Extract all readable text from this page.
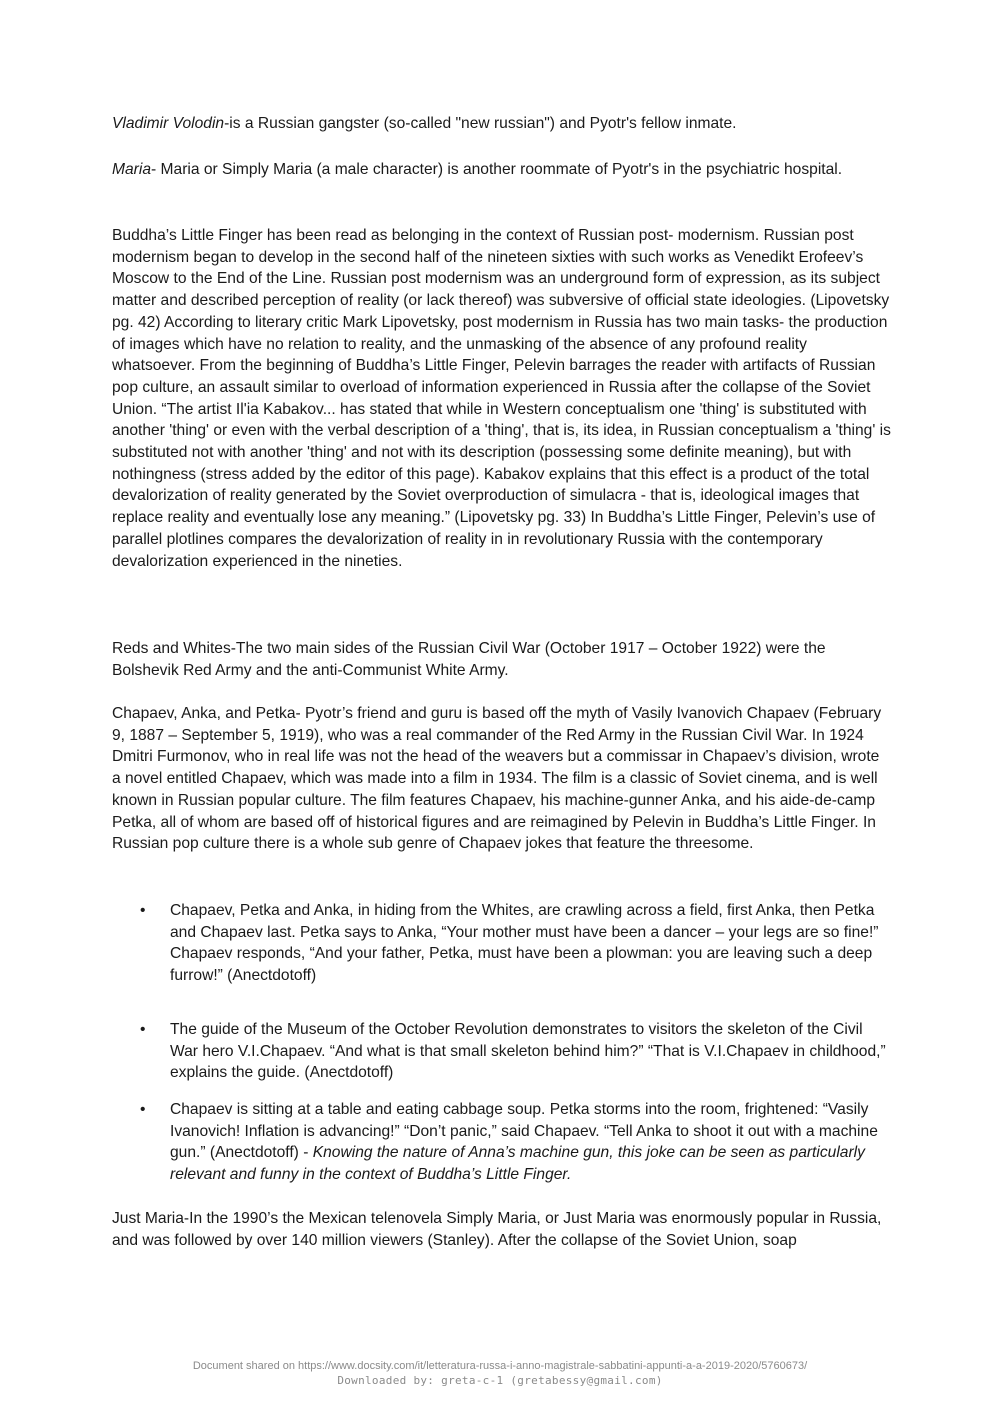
Vladimir Volodin-is a Russian gangster (so-called "new russian") and Pyotr's fellow inmate.

Maria- Maria or Simply Maria (a male character) is another roommate of Pyotr's in the psychiatric hospital.

Buddha’s Little Finger has been read as belonging in the context of Russian post- modernism. Russian post modernism began to develop in the second half of the nineteen sixties with such works as Venedikt Erofeev’s Moscow to the End of the Line. Russian post modernism was an underground form of expression, as its subject matter and described perception of reality (or lack thereof) was subversive of official state ideologies. (Lipovetsky pg. 42) According to literary critic Mark Lipovetsky, post modernism in Russia has two main tasks- the production of images which have no relation to reality, and the unmasking of the absence of any profound reality whatsoever. From the beginning of Buddha’s Little Finger, Pelevin barrages the reader with artifacts of Russian pop culture, an assault similar to overload of information experienced in Russia after the collapse of the Soviet Union. “The artist Il'ia Kabakov... has stated that while in Western conceptualism one 'thing' is substituted with another 'thing' or even with the verbal description of a 'thing', that is, its idea, in Russian conceptualism a 'thing' is substituted not with another 'thing' and not with its description (possessing some definite meaning), but with nothingness (stress added by the editor of this page). Kabakov explains that this effect is a product of the total devalorization of reality generated by the Soviet overproduction of simulacra - that is, ideological images that replace reality and eventually lose any meaning.” (Lipovetsky pg. 33) In Buddha’s Little Finger, Pelevin’s use of parallel plotlines compares the devalorization of reality in in revolutionary Russia with the contemporary devalorization experienced in the nineties.

Reds and Whites-The two main sides of the Russian Civil War (October 1917 – October 1922) were the Bolshevik Red Army and the anti-Communist White Army.

Chapaev, Anka, and Petka- Pyotr’s friend and guru is based off the myth of Vasily Ivanovich Chapaev (February 9, 1887 – September 5, 1919), who was a real commander of the Red Army in the Russian Civil War. In 1924 Dmitri Furmonov, who in real life was not the head of the weavers but a commissar in Chapaev’s division, wrote a novel entitled Chapaev, which was made into a film in 1934. The film is a classic of Soviet cinema, and is well known in Russian popular culture. The film features Chapaev, his machine-gunner Anka, and his aide-de-camp Petka, all of whom are based off of historical figures and are reimagined by Pelevin in Buddha’s Little Finger. In Russian pop culture there is a whole sub genre of Chapaev jokes that feature the threesome.

• Chapaev, Petka and Anka, in hiding from the Whites, are crawling across a field, first Anka, then Petka and Chapaev last. Petka says to Anka, “Your mother must have been a dancer – your legs are so fine!” Chapaev responds, “And your father, Petka, must have been a plowman: you are leaving such a deep furrow!” (Anectdotoff)
• The guide of the Museum of the October Revolution demonstrates to visitors the skeleton of the Civil War hero V.I.Chapaev. “And what is that small skeleton behind him?” “That is V.I.Chapaev in childhood,” explains the guide. (Anectdotoff)
• Chapaev is sitting at a table and eating cabbage soup. Petka storms into the room, frightened: “Vasily Ivanovich! Inflation is advancing!” “Don’t panic,” said Chapaev. “Tell Anka to shoot it out with a machine gun.” (Anectdotoff) - Knowing the nature of Anna’s machine gun, this joke can be seen as particularly relevant and funny in the context of Buddha’s Little Finger.

Just Maria-In the 1990’s the Mexican telenovela Simply Maria, or Just Maria was enormously popular in Russia, and was followed by over 140 million viewers (Stanley). After the collapse of the Soviet Union, soap

Document shared on https://www.docsity.com/it/letteratura-russa-i-anno-magistrale-sabbatini-appunti-a-a-2019-2020/5760673/
Downloaded by: greta-c-1 (gretabessy@gmail.com)
